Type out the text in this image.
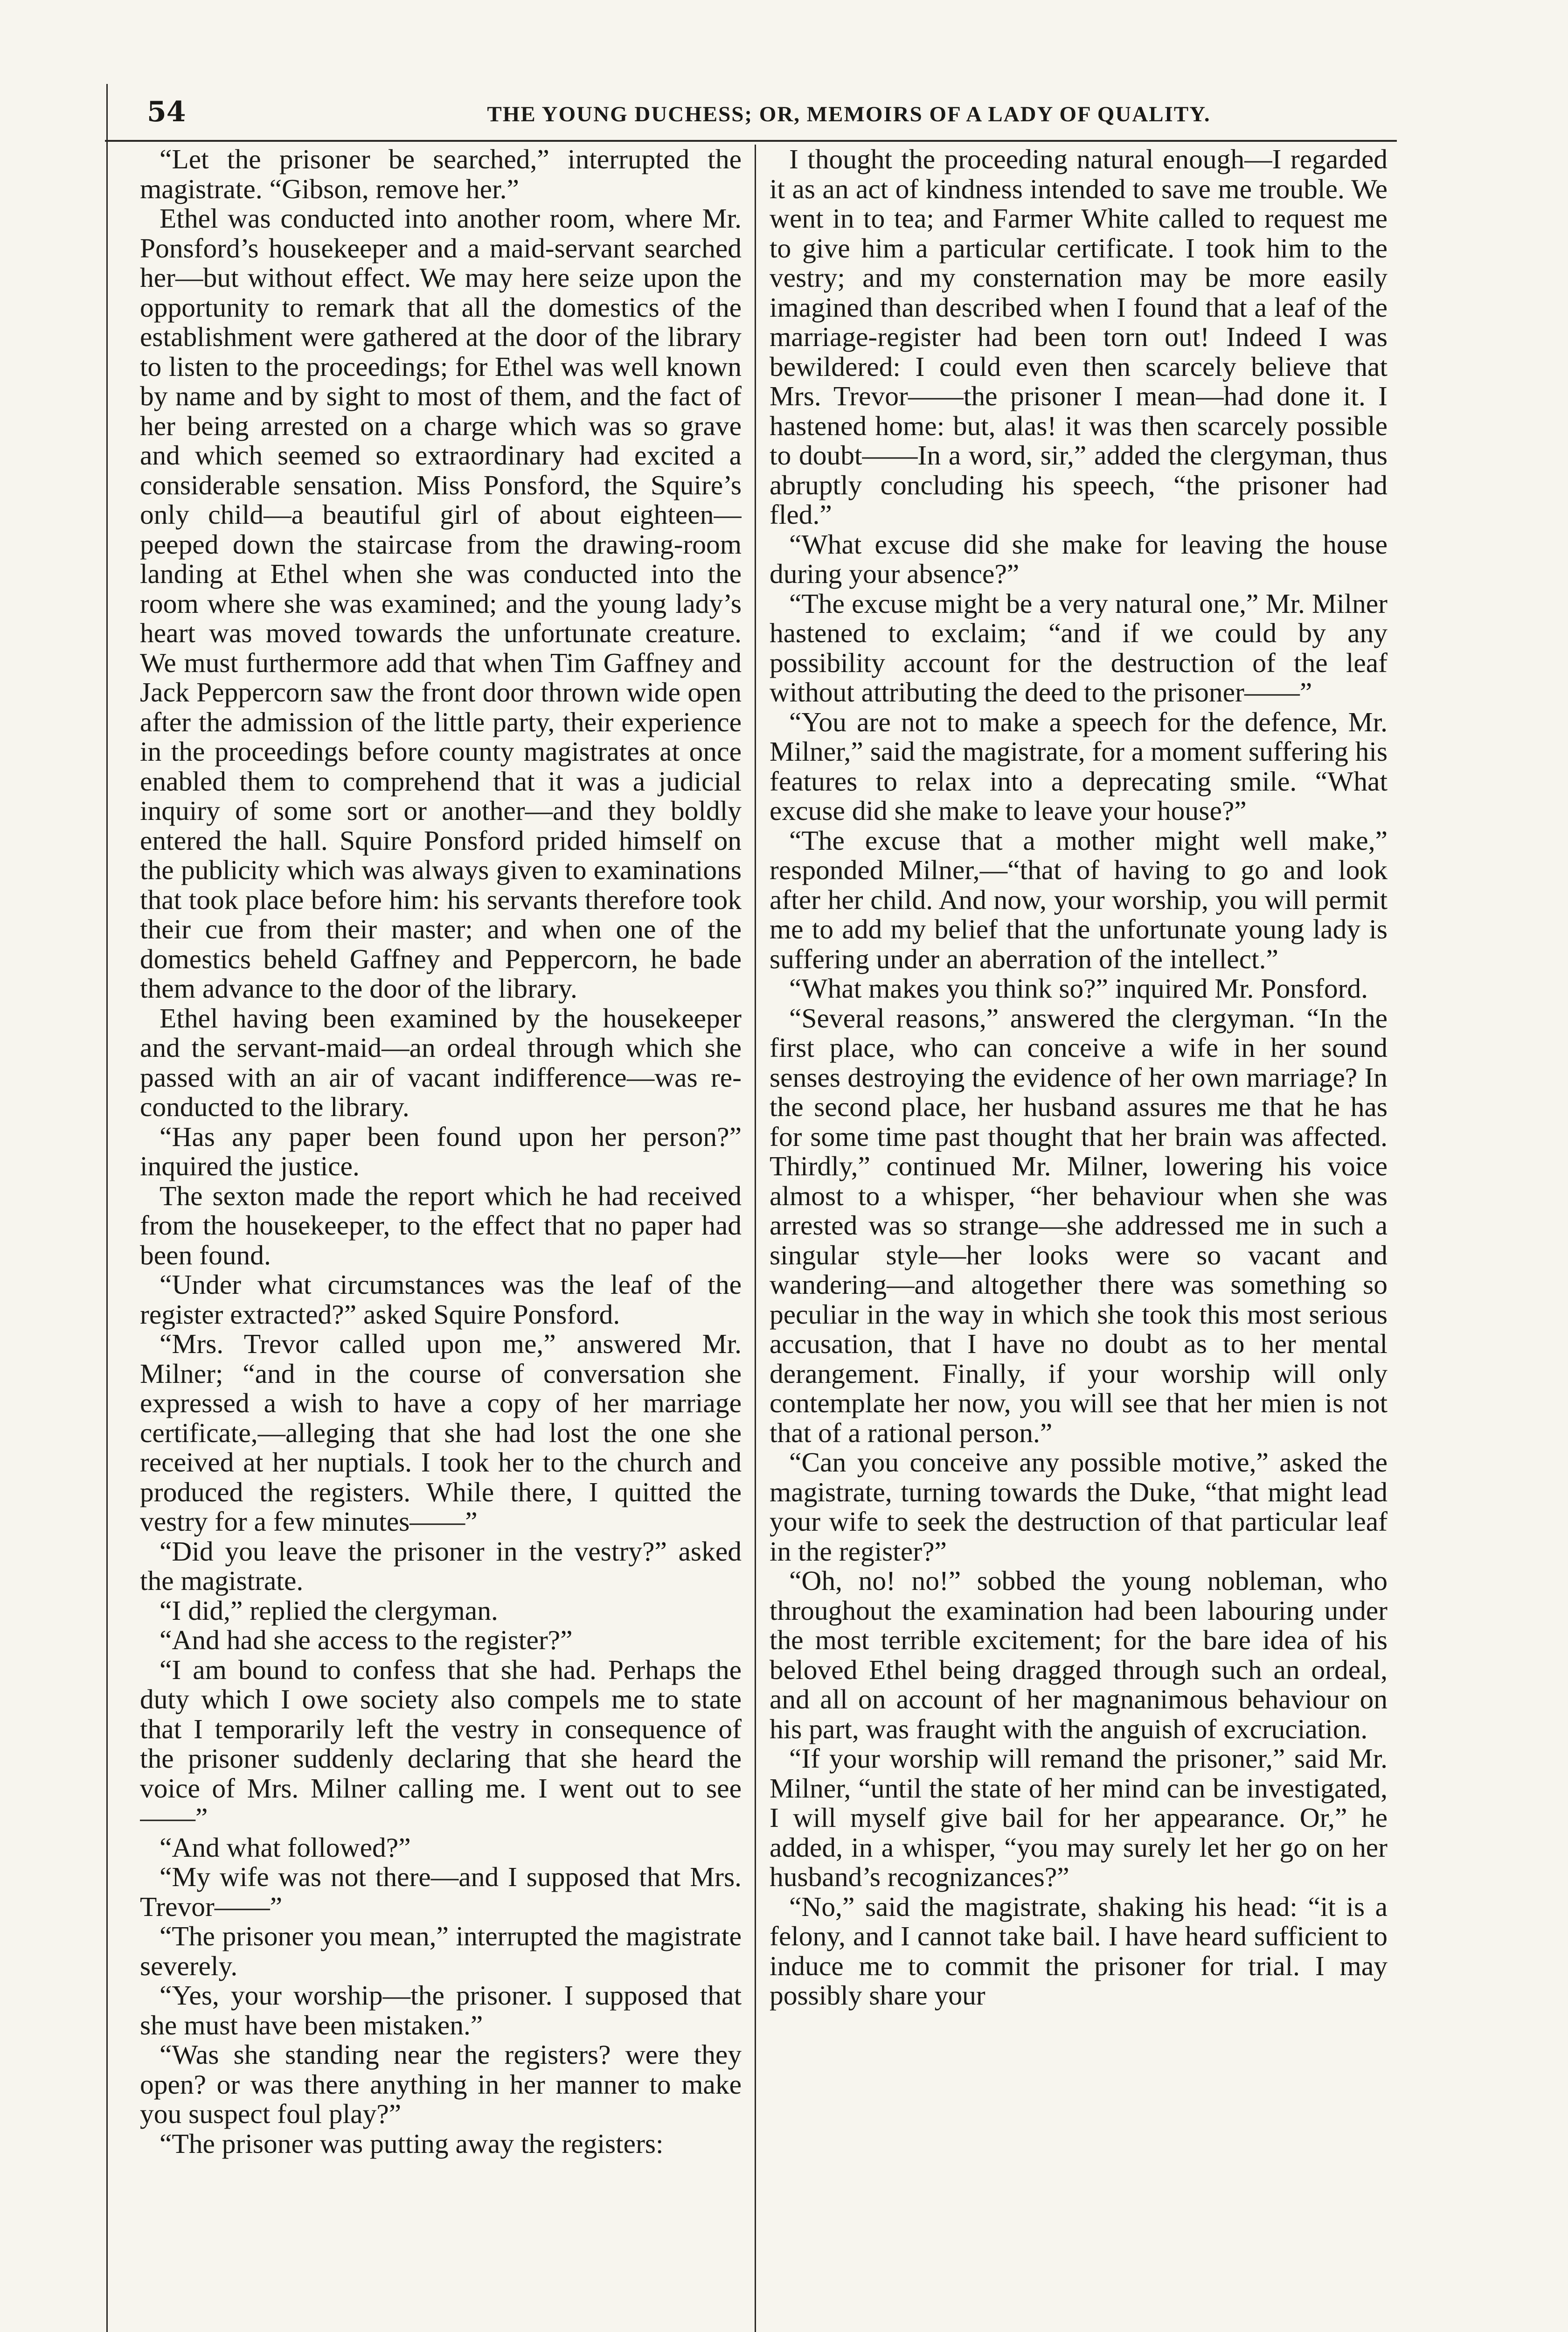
54	THE YOUNG DUCHESS; OR, MEMOIRS OF A LADY OF QUALITY.

“Let the prisoner be searched,” interrupted the magistrate. “Gibson, remove her.”

Ethel was conducted into another room, where Mr. Ponsford’s housekeeper and a maid-servant searched her—but without effect. We may here seize upon the opportunity to remark that all the domestics of the establishment were gathered at the door of the library to listen to the proceedings; for Ethel was well known by name and by sight to most of them, and the fact of her being arrested on a charge which was so grave and which seemed so extraordinary had excited a considerable sensation. Miss Ponsford, the Squire’s only child—a beautiful girl of about eighteen—peeped down the staircase from the drawing-room landing at Ethel when she was conducted into the room where she was examined; and the young lady’s heart was moved towards the unfortunate creature. We must furthermore add that when Tim Gaffney and Jack Peppercorn saw the front door thrown wide open after the admission of the little party, their experience in the proceedings before county magistrates at once enabled them to comprehend that it was a judicial inquiry of some sort or another—and they boldly entered the hall. Squire Ponsford prided himself on the publicity which was always given to examinations that took place before him: his servants therefore took their cue from their master; and when one of the domestics beheld Gaffney and Peppercorn, he bade them advance to the door of the library.

Ethel having been examined by the housekeeper and the servant-maid—an ordeal through which she passed with an air of vacant indifference—was re-conducted to the library.

“Has any paper been found upon her person?” inquired the justice.

The sexton made the report which he had received from the housekeeper, to the effect that no paper had been found.

“Under what circumstances was the leaf of the register extracted?” asked Squire Ponsford.

“Mrs. Trevor called upon me,” answered Mr. Milner; “and in the course of conversation she expressed a wish to have a copy of her marriage certificate,—alleging that she had lost the one she received at her nuptials. I took her to the church and produced the registers. While there, I quitted the vestry for a few minutes——”

“Did you leave the prisoner in the vestry?” asked the magistrate.

“I did,” replied the clergyman.

“And had she access to the register?”

“I am bound to confess that she had. Perhaps the duty which I owe society also compels me to state that I temporarily left the vestry in consequence of the prisoner suddenly declaring that she heard the voice of Mrs. Milner calling me. I went out to see——”

“And what followed?”

“My wife was not there—and I supposed that Mrs. Trevor——”

“The prisoner you mean,” interrupted the magistrate severely.

“Yes, your worship—the prisoner. I supposed that she must have been mistaken.”

“Was she standing near the registers? were they open? or was there anything in her manner to make you suspect foul play?”

“The prisoner was putting away the registers:

I thought the proceeding natural enough—I regarded it as an act of kindness intended to save me trouble. We went in to tea; and Farmer White called to request me to give him a particular certificate. I took him to the vestry; and my consternation may be more easily imagined than described when I found that a leaf of the marriage-register had been torn out! Indeed I was bewildered: I could even then scarcely believe that Mrs. Trevor——the prisoner I mean—had done it. I hastened home: but, alas! it was then scarcely possible to doubt——In a word, sir,” added the clergyman, thus abruptly concluding his speech, “the prisoner had fled.”

“What excuse did she make for leaving the house during your absence?”

“The excuse might be a very natural one,” Mr. Milner hastened to exclaim; “and if we could by any possibility account for the destruction of the leaf without attributing the deed to the prisoner——”

“You are not to make a speech for the defence, Mr. Milner,” said the magistrate, for a moment suffering his features to relax into a deprecating smile. “What excuse did she make to leave your house?”

“The excuse that a mother might well make,” responded Milner,—“that of having to go and look after her child. And now, your worship, you will permit me to add my belief that the unfortunate young lady is suffering under an aberration of the intellect.”

“What makes you think so?” inquired Mr. Ponsford.

“Several reasons,” answered the clergyman. “In the first place, who can conceive a wife in her sound senses destroying the evidence of her own marriage? In the second place, her husband assures me that he has for some time past thought that her brain was affected. Thirdly,” continued Mr. Milner, lowering his voice almost to a whisper, “her behaviour when she was arrested was so strange—she addressed me in such a singular style—her looks were so vacant and wandering—and altogether there was something so peculiar in the way in which she took this most serious accusation, that I have no doubt as to her mental derangement. Finally, if your worship will only contemplate her now, you will see that her mien is not that of a rational person.”

“Can you conceive any possible motive,” asked the magistrate, turning towards the Duke, “that might lead your wife to seek the destruction of that particular leaf in the register?”

“Oh, no! no!” sobbed the young nobleman, who throughout the examination had been labouring under the most terrible excitement; for the bare idea of his beloved Ethel being dragged through such an ordeal, and all on account of her magnanimous behaviour on his part, was fraught with the anguish of excruciation.

“If your worship will remand the prisoner,” said Mr. Milner, “until the state of her mind can be investigated, I will myself give bail for her appearance. Or,” he added, in a whisper, “you may surely let her go on her husband’s recognizances?”

“No,” said the magistrate, shaking his head: “it is a felony, and I cannot take bail. I have heard sufficient to induce me to commit the prisoner for trial. I may possibly share your
